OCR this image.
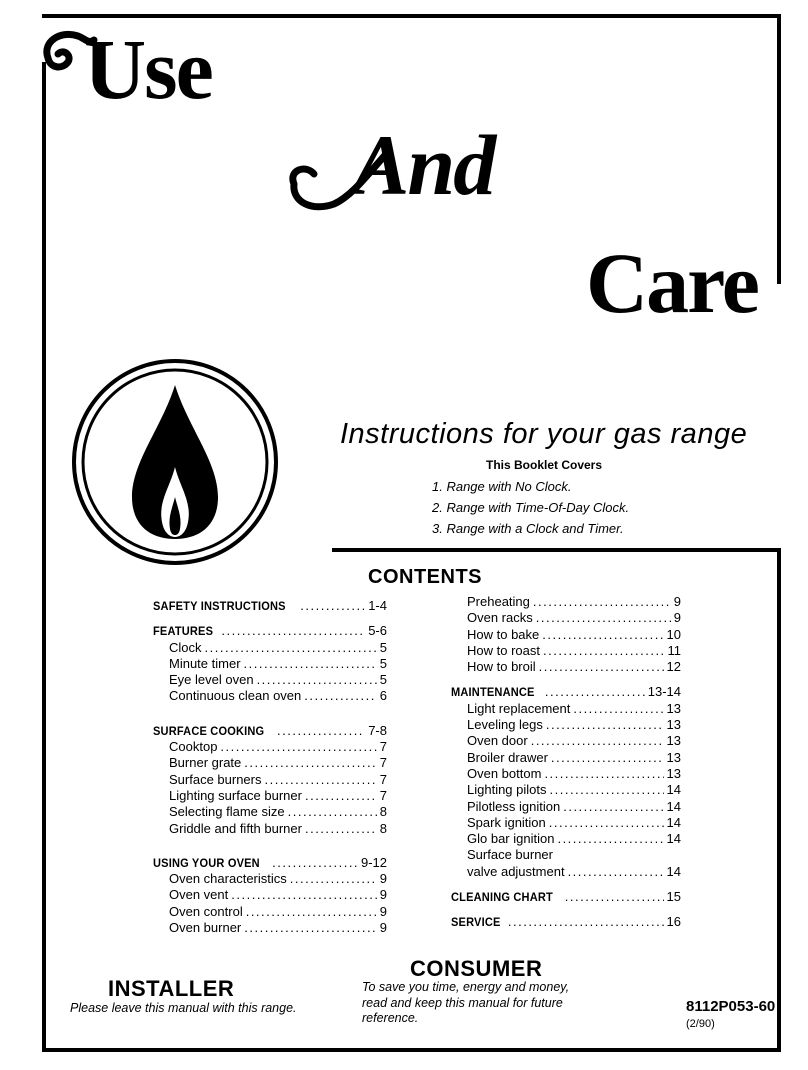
Use
And
Care
Instructions for your gas range
This Booklet Covers
1. Range with No Clock.
2. Range with Time-Of-Day Clock.
3. Range with a Clock and Timer.
CONTENTS
SAFETY INSTRUCTIONS .....	1-4
FEATURES .....	5-6
Clock .....	5
Minute timer .....	5
Eye level oven .....	5
Continuous clean oven .....	6
SURFACE COOKING .....	7-8
Cooktop .....	7
Burner grate .....	7
Surface burners .....	7
Lighting surface burner .....	7
Selecting flame size .....	8
Griddle and fifth burner .....	8
USING YOUR OVEN .....	9-12
Oven characteristics .....	9
Oven vent .....	9
Oven control .....	9
Oven burner .....	9
Preheating .....	9
Oven racks .....	9
How to bake .....	10
How to roast .....	11
How to broil .....	12
MAINTENANCE .....	13-14
Light replacement .....	13
Leveling legs .....	13
Oven door .....	13
Broiler drawer .....	13
Oven bottom .....	13
Lighting pilots .....	14
Pilotless ignition .....	14
Spark ignition .....	14
Glo bar ignition .....	14
Surface burner
valve adjustment .....	14
CLEANING CHART .....	15
SERVICE .....	16
INSTALLER
Please leave this manual with this range.
CONSUMER
To save you time, energy and money, read and keep this manual for future reference.
8112P053-60
(2/90)
